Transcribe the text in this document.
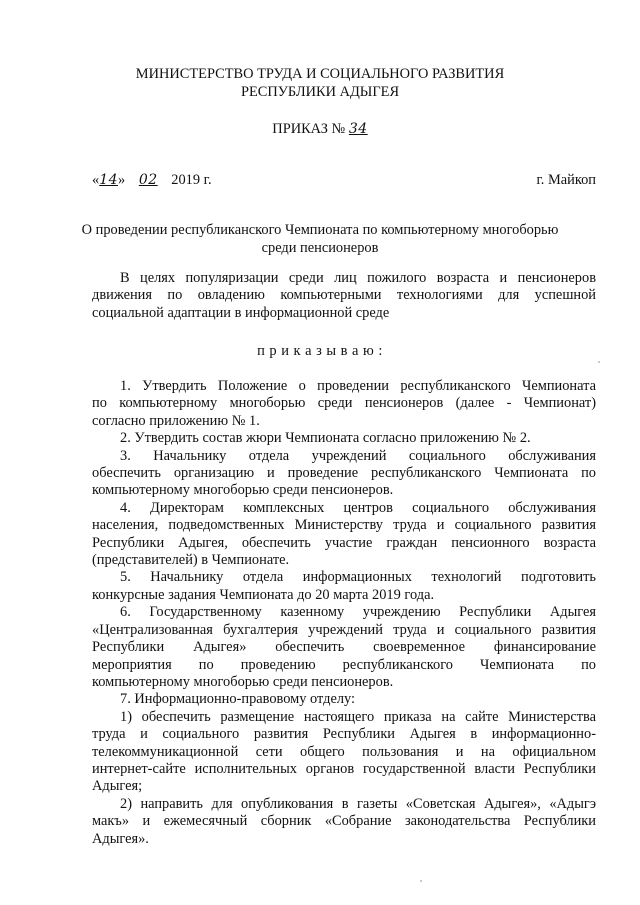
МИНИСТЕРСТВО ТРУДА И СОЦИАЛЬНОГО РАЗВИТИЯ
РЕСПУБЛИКИ АДЫГЕЯ
ПРИКАЗ № 34
«14» 02 2019 г.	г. Майкоп
О проведении республиканского Чемпионата по компьютерному многоборью
среди пенсионеров
В целях популяризации среди лиц пожилого возраста и пенсионеров
движения по овладению компьютерными технологиями для успешной
социальной адаптации в информационной среде
п р и к а з ы в а ю :
1. Утвердить Положение о проведении республиканского Чемпионата
по компьютерному многоборью среди пенсионеров (далее - Чемпионат)
согласно приложению № 1.
2. Утвердить состав жюри Чемпионата согласно приложению № 2.
3. Начальнику отдела учреждений социального обслуживания
обеспечить организацию и проведение республиканского Чемпионата по
компьютерному многоборью среди пенсионеров.
4. Директорам комплексных центров социального обслуживания
населения, подведомственных Министерству труда и социального развития
Республики Адыгея, обеспечить участие граждан пенсионного возраста
(представителей) в Чемпионате.
5. Начальнику отдела информационных технологий подготовить
конкурсные задания Чемпионата до 20 марта 2019 года.
6. Государственному казенному учреждению Республики Адыгея
«Централизованная бухгалтерия учреждений труда и социального развития
Республики Адыгея» обеспечить своевременное финансирование
мероприятия по проведению республиканского Чемпионата по
компьютерному многоборью среди пенсионеров.
7. Информационно-правовому отделу:
1) обеспечить размещение настоящего приказа на сайте Министерства
труда и социального развития Республики Адыгея в информационно-
телекоммуникационной сети общего пользования и на официальном
интернет-сайте исполнительных органов государственной власти Республики
Адыгея;
2) направить для опубликования в газеты «Советская Адыгея», «Адыгэ
макъ» и ежемесячный сборник «Собрание законодательства Республики
Адыгея».
